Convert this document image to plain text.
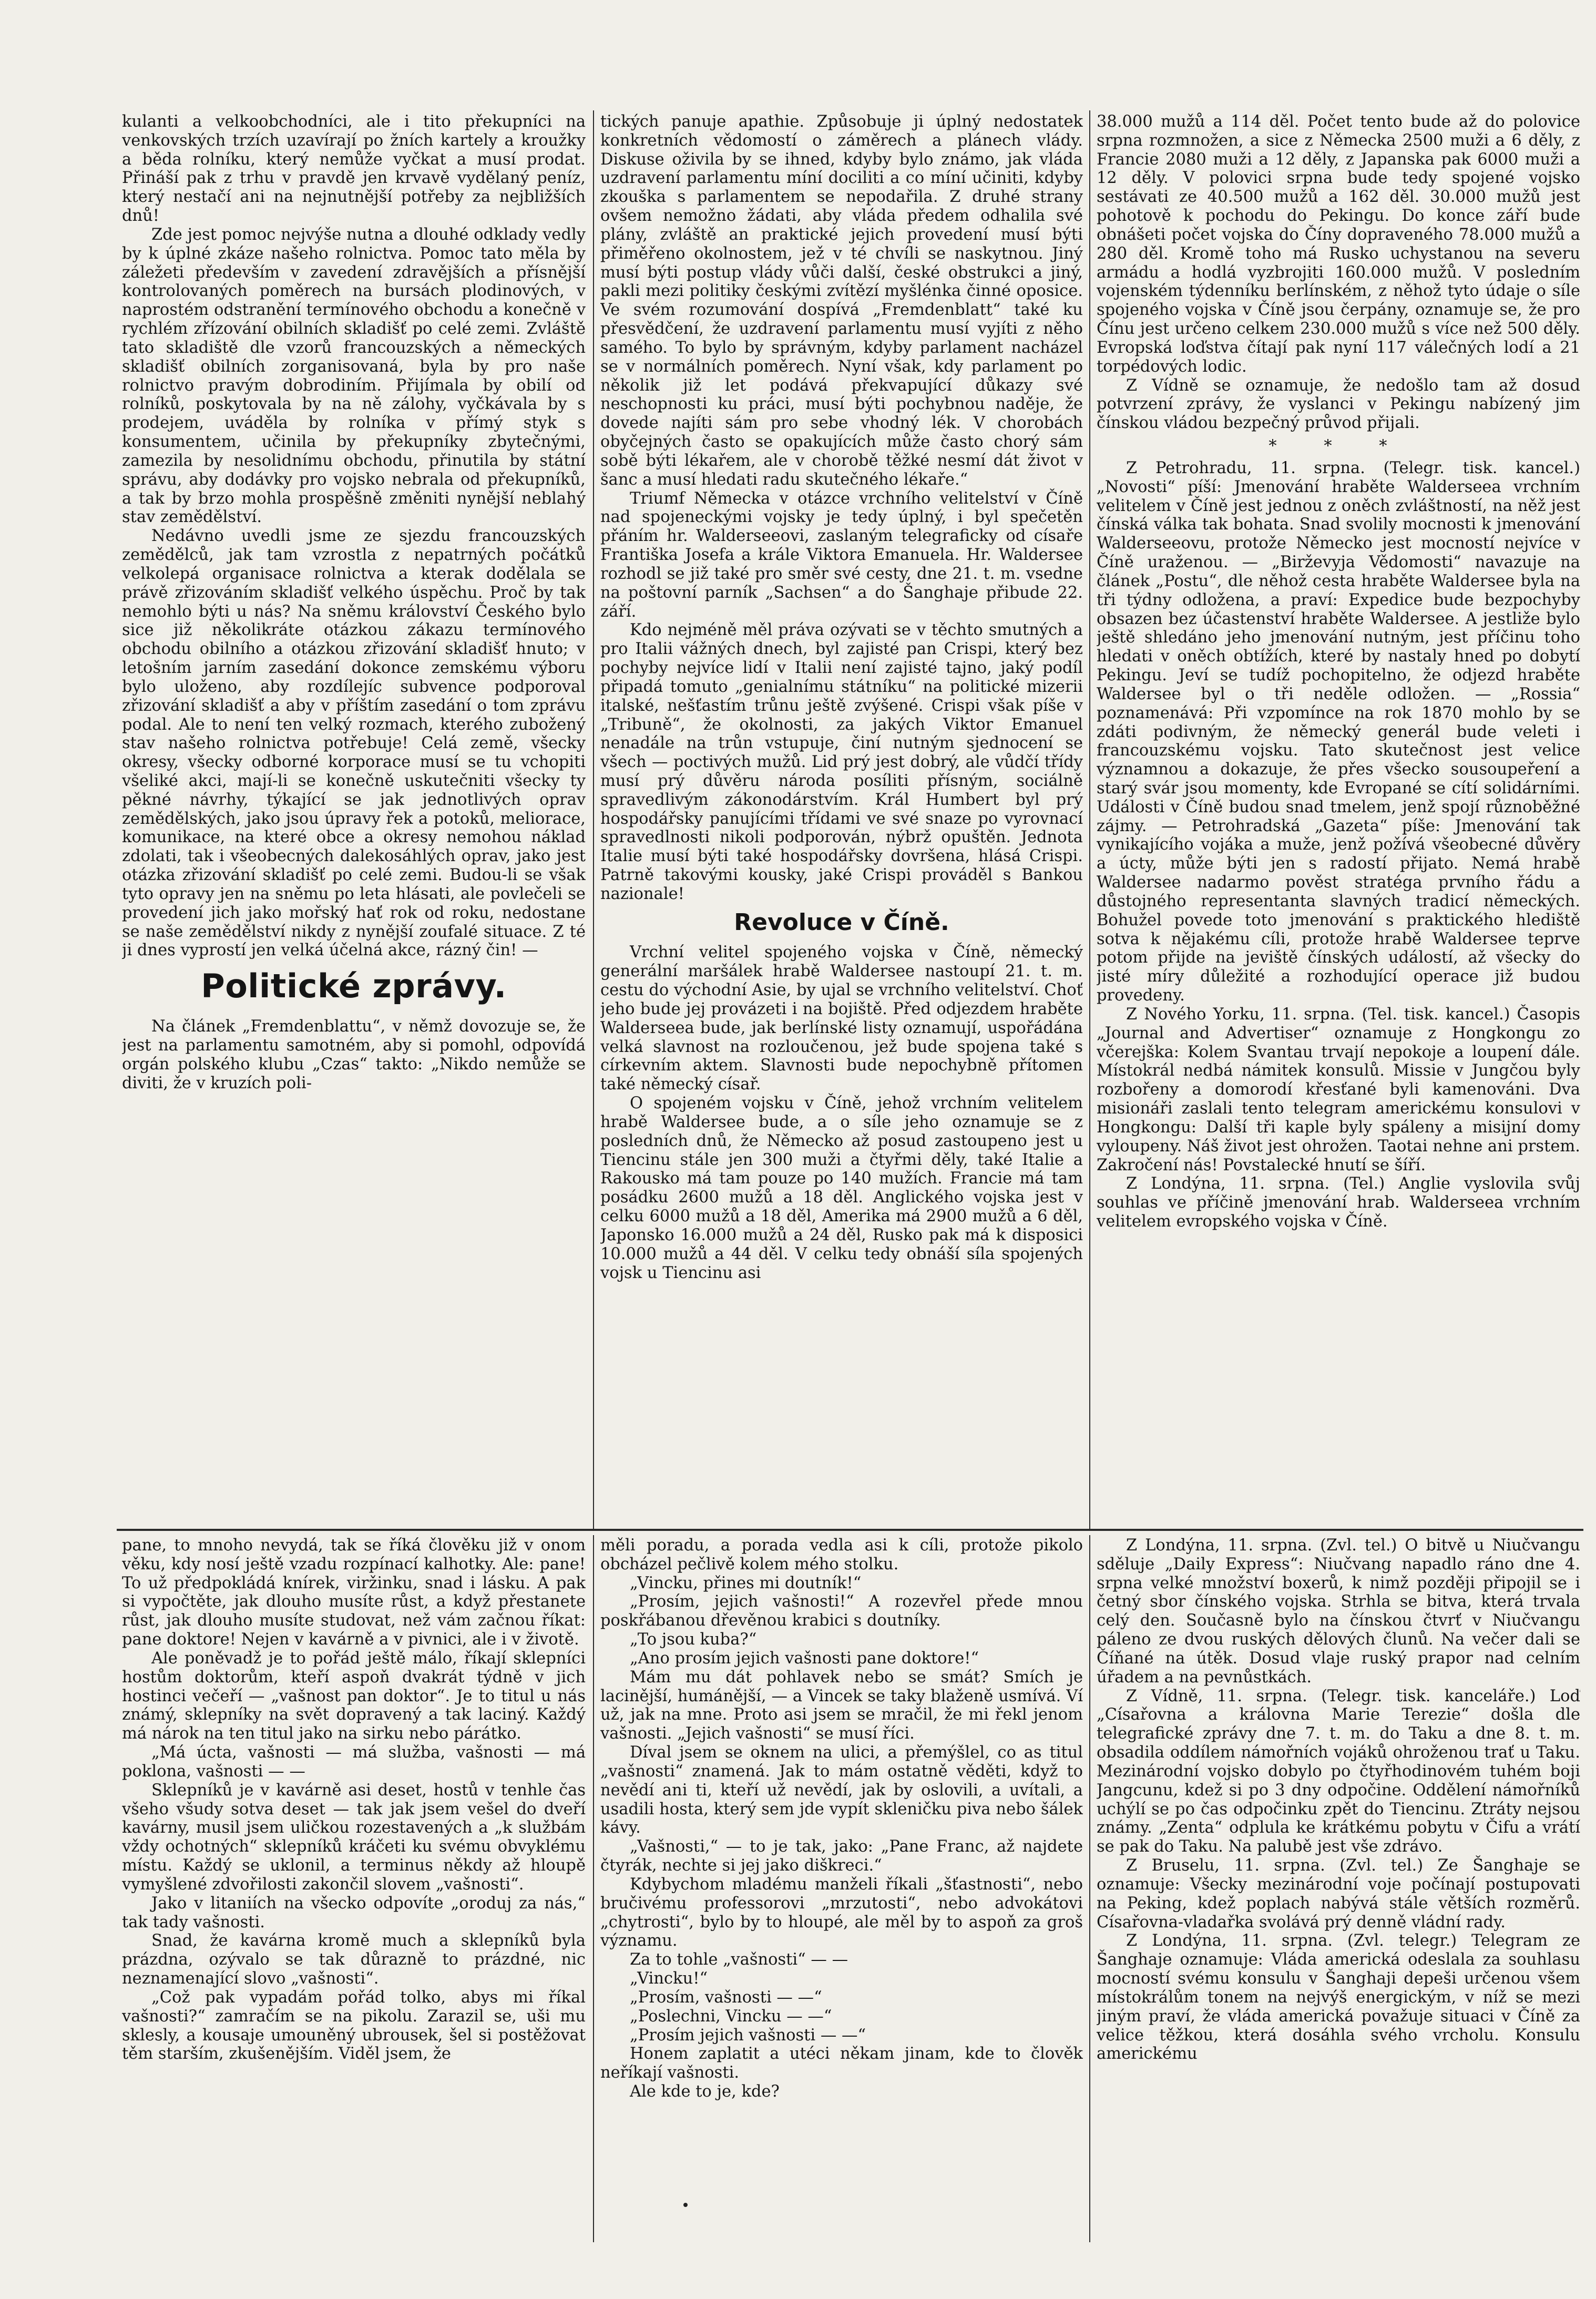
kulanti a velkoobchodníci, ale i tito překupníci na venkovských trzích uzavírají po žních kartely a kroužky a běda rolníku, který nemůže vyčkat a musí prodat. Přináší pak z trhu v pravdě jen krvavě vydělaný peníz, který nestačí ani na nejnutnější potřeby za nejbližších dnů!

Zde jest pomoc nejvýše nutna a dlouhé odklady vedly by k úplné zkáze našeho rolnictva. Pomoc tato měla by záležeti především v zavedení zdravějších a přísnější kontrolovaných poměrech na bursách plodinových, v naprostém odstranění termínového obchodu a konečně v rychlém zřízování obilních skladišť po celé zemi. Zvláště tato skladiště dle vzorů francouzských a německých skladišť obilních zorganisovaná, byla by pro naše rolnictvo pravým dobrodiním. Přijímala by obilí od rolníků, poskytovala by na ně zálohy, vyčkávala by s prodejem, uváděla by rolníka v přímý styk s konsumentem, učinila by překupníky zbytečnými, zamezila by nesolidnímu obchodu, přinutila by státní správu, aby dodávky pro vojsko nebrala od překupníků, a tak by brzo mohla prospěšně změniti nynější neblahý stav zemědělství.

Nedávno uvedli jsme ze sjezdu francouzských zemědělců, jak tam vzrostla z nepatrných počátků velkolepá organisace rolnictva a kterak dodělala se právě zřizováním skladišť velkého úspěchu. Proč by tak nemohlo býti u nás? Na sněmu království Českého bylo sice již několikráte otázkou zákazu termínového obchodu obilního a otázkou zřizování skladišť hnuto; v letošním jarním zasedání dokonce zemskému výboru bylo uloženo, aby rozdílejíc subvence podporoval zřizování skladišť a aby v příštím zasedání o tom zprávu podal. Ale to není ten velký rozmach, kterého zubožený stav našeho rolnictva potřebuje! Celá země, všecky okresy, všecky odborné korporace musí se tu vchopiti všeliké akci, mají-li se konečně uskutečniti všecky ty pěkné návrhy, týkající se jak jednotlivých oprav zemědělských, jako jsou úpravy řek a potoků, meliorace, komunikace, na které obce a okresy nemohou náklad zdolati, tak i všeobecných dalekosáhlých oprav, jako jest otázka zřizování skladišť po celé zemi. Budou-li se však tyto opravy jen na sněmu po leta hlásati, ale povlečeli se provedení jich jako mořský hať rok od roku, nedostane se naše zemědělství nikdy z nynější zoufalé situace. Z té ji dnes vyprostí jen velká účelná akce, rázný čin! —

Politické zprávy.

Na článek „Fremdenblattu“, v němž dovozuje se, že jest na parlamentu samotném, aby si pomohl, odpovídá orgán polského klubu „Czas“ takto: „Nikdo nemůže se diviti, že v kruzích poli-

tických panuje apathie. Způsobuje ji úplný nedostatek konkretních vědomostí o záměrech a plánech vlády. Diskuse oživila by se ihned, kdyby bylo známo, jak vláda uzdravení parlamentu míní dociliti a co míní učiniti, kdyby zkouška s parlamentem se nepodařila. Z druhé strany ovšem nemožno žádati, aby vláda předem odhalila své plány, zvláště an praktické jejich provedení musí býti přiměřeno okolnostem, jež v té chvíli se naskytnou. Jiný musí býti postup vlády vůči další, české obstrukci a jiný, pakli mezi politiky českými zvítězí myšlénka činné oposice. Ve svém rozumování dospívá „Fremdenblatt“ také ku přesvědčení, že uzdravení parlamentu musí vyjíti z něho samého. To bylo by správným, kdyby parlament nacházel se v normálních poměrech. Nyní však, kdy parlament po několik již let podává překvapující důkazy své neschopnosti ku práci, musí býti pochybnou naděje, že dovede najíti sám pro sebe vhodný lék. V chorobách obyčejných často se opakujících může často chorý sám sobě býti lékařem, ale v chorobě těžké nesmí dát život v šanc a musí hledati radu skutečného lékaře.“

Triumf Německa v otázce vrchního velitelství v Číně nad spojeneckými vojsky je tedy úplný, i byl spečetěn přáním hr. Walderseeovi, zaslaným telegraficky od císaře Františka Josefa a krále Viktora Emanuela. Hr. Waldersee rozhodl se již také pro směr své cesty, dne 21. t. m. vsedne na poštovní parník „Sachsen“ a do Šanghaje přibude 22. září.

Kdo nejméně měl práva ozývati se v těchto smutných a pro Italii vážných dnech, byl zajisté pan Crispi, který bez pochyby nejvíce lidí v Italii není zajisté tajno, jaký podíl připadá tomuto „genialnímu státníku“ na politické mizerii italské, nešťastím trůnu ještě zvýšené. Crispi však píše v „Tribuně“, že okolnosti, za jakých Viktor Emanuel nenadále na trůn vstupuje, činí nutným sjednocení se všech — poctivých mužů. Lid prý jest dobrý, ale vůdčí třídy musí prý důvěru národa posíliti přísným, sociálně spravedlivým zákonodárstvím. Král Humbert byl prý hospodářsky panujícími třídami ve své snaze po vyrovnací spravedlnosti nikoli podporován, nýbrž opuštěn. Jednota Italie musí býti také hospodářsky dovršena, hlásá Crispi. Patrně takovými kousky, jaké Crispi prováděl s Bankou nazionale!

Revoluce v Číně.

Vrchní velitel spojeného vojska v Číně, německý generální maršálek hrabě Waldersee nastoupí 21. t. m. cestu do východní Asie, by ujal se vrchního velitelství. Choť jeho bude jej provázeti i na bojiště. Před odjezdem hraběte Walderseea bude, jak berlínské listy oznamují, uspořádána velká slavnost na rozloučenou, jež bude spojena také s církevním aktem. Slavnosti bude nepochybně přítomen také německý císař.

O spojeném vojsku v Číně, jehož vrchním velitelem hrabě Waldersee bude, a o síle jeho oznamuje se z posledních dnů, že Německo až posud zastoupeno jest u Tiencinu stále jen 300 muži a čtyřmi děly, také Italie a Rakousko má tam pouze po 140 mužích. Francie má tam posádku 2600 mužů a 18 děl. Anglického vojska jest v celku 6000 mužů a 18 děl, Amerika má 2900 mužů a 6 děl, Japonsko 16.000 mužů a 24 děl, Rusko pak má k disposici 10.000 mužů a 44 děl. V celku tedy obnáší síla spojených vojsk u Tiencinu asi

38.000 mužů a 114 děl. Počet tento bude až do polovice srpna rozmnožen, a sice z Německa 2500 muži a 6 děly, z Francie 2080 muži a 12 děly, z Japanska pak 6000 muži a 12 děly. V polovici srpna bude tedy spojené vojsko sestávati ze 40.500 mužů a 162 děl. 30.000 mužů jest pohotově k pochodu do Pekingu. Do konce září bude obnášeti počet vojska do Číny dopraveného 78.000 mužů a 280 děl. Kromě toho má Rusko uchystanou na severu armádu a hodlá vyzbrojiti 160.000 mužů. V posledním vojenském týdenníku berlínském, z něhož tyto údaje o síle spojeného vojska v Číně jsou čerpány, oznamuje se, že pro Čínu jest určeno celkem 230.000 mužů s více než 500 děly. Evropská loďstva čítají pak nyní 117 válečných lodí a 21 torpédových lodic.

Z Vídně se oznamuje, že nedošlo tam až dosud potvrzení zprávy, že vyslanci v Pekingu nabízený jim čínskou vládou bezpečný průvod přijali.

* * *

Z Petrohradu, 11. srpna. (Telegr. tisk. kancel.) „Novosti“ píší: Jmenování hraběte Walderseea vrchním velitelem v Číně jest jednou z oněch zvláštností, na něž jest čínská válka tak bohata. Snad svolily mocnosti k jmenování Walderseeovu, protože Německo jest mocností nejvíce v Číně uraženou. — „Birževyja Vědomosti“ navazuje na článek „Postu“, dle něhož cesta hraběte Waldersee byla na tři týdny odložena, a praví: Expedice bude bezpochyby obsazen bez účastenství hraběte Waldersee. A jestliže bylo ještě shledáno jeho jmenování nutným, jest příčinu toho hledati v oněch obtížích, které by nastaly hned po dobytí Pekingu. Jeví se tudíž pochopitelno, že odjezd hraběte Waldersee byl o tři neděle odložen. — „Rossia“ poznamenává: Při vzpomínce na rok 1870 mohlo by se zdáti podivným, že německý generál bude veleti i francouzskému vojsku. Tato skutečnost jest velice významnou a dokazuje, že přes všecko sousoupeření a starý svár jsou momenty, kde Evropané se cítí solidárními. Události v Číně budou snad tmelem, jenž spojí různoběžné zájmy. — Petrohradská „Gazeta“ píše: Jmenování tak vynikajícího vojáka a muže, jenž požívá všeobecné důvěry a úcty, může býti jen s radostí přijato. Nemá hrabě Waldersee nadarmo pověst stratéga prvního řádu a důstojného representanta slavných tradicí německých. Bohužel povede toto jmenování s praktického hlediště sotva k nějakému cíli, protože hrabě Waldersee teprve potom přijde na jeviště čínských událostí, až všecky do jisté míry důležité a rozhodující operace již budou provedeny.

Z Nového Yorku, 11. srpna. (Tel. tisk. kancel.) Časopis „Journal and Advertiser“ oznamuje z Hongkongu zo včerejška: Kolem Svantau trvají nepokoje a loupení dále. Místokrál nedbá námitek konsulů. Missie v Jungčou byly rozbořeny a domorodí křesťané byli kamenováni. Dva misionáři zaslali tento telegram americkému konsulovi v Hongkongu: Další tři kaple byly spáleny a misijní domy vyloupeny. Náš život jest ohrožen. Taotai nehne ani prstem. Zakročení nás! Povstalecké hnutí se šíří.

Z Londýna, 11. srpna. (Tel.) Anglie vyslovila svůj souhlas ve příčině jmenování hrab. Walderseea vrchním velitelem evropského vojska v Číně.

pane, to mnoho nevydá, tak se říká člověku již v onom věku, kdy nosí ještě vzadu rozpínací kalhotky. Ale: pane! To už předpokládá knírek, viržinku, snad i lásku. A pak si vypočtěte, jak dlouho musíte růst, a když přestanete růst, jak dlouho musíte studovat, než vám začnou říkat: pane doktore! Nejen v kavárně a v pivnici, ale i v životě.

Ale poněvadž je to pořád ještě málo, říkají sklepníci hostům doktorům, kteří aspoň dvakrát týdně v jich hostinci večeří — „vašnost pan doktor“. Je to titul u nás známý, sklepníky na svět dopravený a tak laciný. Každý má nárok na ten titul jako na sirku nebo párátko.

„Má úcta, vašnosti — má služba, vašnosti — má poklona, vašnosti — —

Sklepníků je v kavárně asi deset, hostů v tenhle čas všeho všudy sotva deset — tak jak jsem vešel do dveří kavárny, musil jsem uličkou rozestavených a „k službám vždy ochotných“ sklepníků kráčeti ku svému obvyklému místu. Každý se uklonil, a terminus někdy až hloupě vymyšlené zdvořilosti zakončil slovem „vašnosti“.

Jako v litaniích na všecko odpovíte „oroduj za nás,“ tak tady vašnosti.

Snad, že kavárna kromě much a sklepníků byla prázdna, ozývalo se tak důrazně to prázdné, nic neznamenající slovo „vašnosti“.

„Což pak vypadám pořád tolko, abys mi říkal vašnosti?“ zamračím se na pikolu. Zarazil se, uši mu sklesly, a kousaje umouněný ubrousek, šel si postěžovat těm starším, zkušenějším. Viděl jsem, že

měli poradu, a porada vedla asi k cíli, protože pikolo obcházel pečlivě kolem mého stolku.

„Vincku, přines mi doutník!“

„Prosím, jejich vašnosti!“ A rozevřel přede mnou poskřábanou dřevěnou krabici s doutníky.

„To jsou kuba?“

„Ano prosím jejich vašnosti pane doktore!“

Mám mu dát pohlavek nebo se smát? Smích je lacinější, humánější, — a Vincek se taky blaženě usmívá. Ví už, jak na mne. Proto asi jsem se mračil, že mi řekl jenom vašnosti. „Jejich vašnosti“ se musí říci.

Díval jsem se oknem na ulici, a přemýšlel, co as titul „vašnosti“ znamená. Jak to mám ostatně věděti, když to nevědí ani ti, kteří už nevědí, jak by oslovili, a uvítali, a usadili hosta, který sem jde vypít skleničku piva nebo šálek kávy.

„Vašnosti,“ — to je tak, jako: „Pane Franc, až najdete čtyrák, nechte si jej jako diškreci.“

Kdybychom mladému manželi říkali „šťastnosti“, nebo bručivému professorovi „mrzutosti“, nebo advokátovi „chytrosti“, bylo by to hloupé, ale měl by to aspoň za groš významu.

Za to tohle „vašnosti“ — —

„Vincku!“

„Prosím, vašnosti — —“

„Poslechni, Vincku — —“

„Prosím jejich vašnosti — —“

Honem zaplatit a utéci někam jinam, kde to člověk neříkají vašnosti.

Ale kde to je, kde?

Z Londýna, 11. srpna. (Zvl. tel.) O bitvě u Niučvangu sděluje „Daily Express“: Niučvang napadlo ráno dne 4. srpna velké množství boxerů, k nimž později připojil se i četný sbor čínského vojska. Strhla se bitva, která trvala celý den. Současně bylo na čínskou čtvrť v Niučvangu páleno ze dvou ruských dělových člunů. Na večer dali se Číňané na útěk. Dosud vlaje ruský prapor nad celním úřadem a na pevnůstkách.

Z Vídně, 11. srpna. (Telegr. tisk. kanceláře.) Loď „Císařovna a královna Marie Terezie“ došla dle telegrafické zprávy dne 7. t. m. do Taku a dne 8. t. m. obsadila oddílem námořních vojáků ohroženou trať u Taku. Mezinárodní vojsko dobylo po čtyřhodinovém tuhém boji Jangcunu, kdež si po 3 dny odpočine. Oddělení námořníků uchýlí se po čas odpočinku zpět do Tiencinu. Ztráty nejsou známy. „Zenta“ odplula ke krátkému pobytu v Čifu a vrátí se pak do Taku. Na palubě jest vše zdrávo.

Z Bruselu, 11. srpna. (Zvl. tel.) Ze Šanghaje se oznamuje: Všecky mezinárodní voje počínají postupovati na Peking, kdež poplach nabývá stále větších rozměrů. Císařovna-vladařka svolává prý denně vládní rady.

Z Londýna, 11. srpna. (Zvl. telegr.) Telegram ze Šanghaje oznamuje: Vláda americká odeslala za souhlasu mocností svému konsulu v Šanghaji depeši určenou všem místokrálům tonem na nejvýš energickým, v níž se mezi jiným praví, že vláda americká považuje situaci v Číně za velice těžkou, která dosáhla svého vrcholu. Konsulu americkému
